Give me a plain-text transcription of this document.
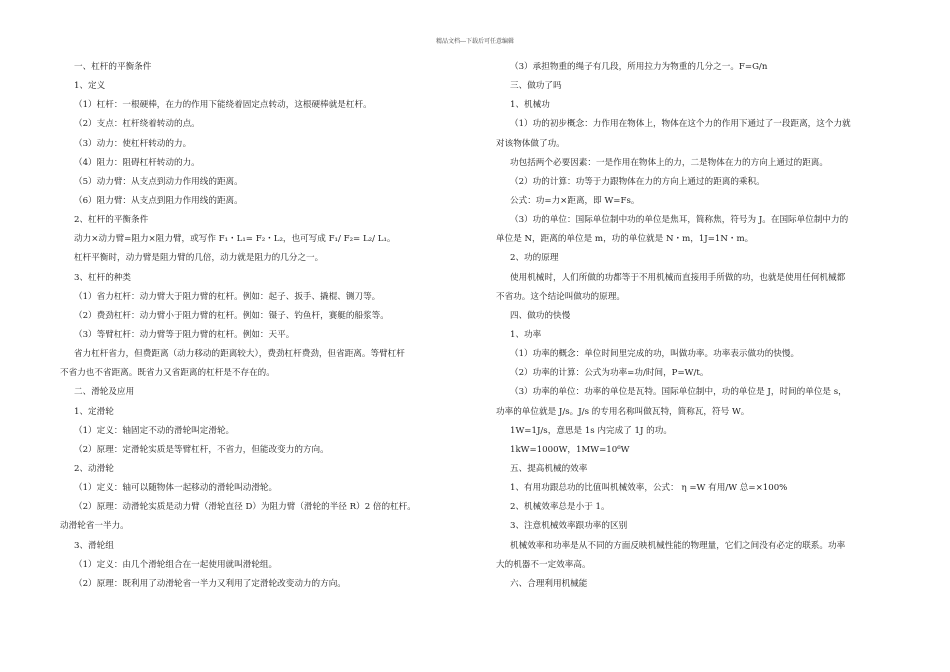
精品文档---下载后可任意编辑
一、杠杆的平衡条件
1、定义
（1）杠杆：一根硬棒，在力的作用下能绕着固定点转动，这根硬棒就是杠杆。
（2）支点：杠杆绕着转动的点。
（3）动力：使杠杆转动的力。
（4）阻力：阻碍杠杆转动的力。
（5）动力臂：从支点到动力作用线的距离。
（6）阻力臂：从支点到阻力作用线的距离。
2、杠杆的平衡条件
动力×动力臂=阻力×阻力臂，或写作 F₁・L₁= F₂・L₂，也可写成 F₁/ F₂= L₂/ L₁。
杠杆平衡时，动力臂是阻力臂的几倍，动力就是阻力的几分之一。
3、杠杆的种类
（1）省力杠杆：动力臂大于阻力臂的杠杆。例如：起子、扳手、撬棍、铡刀等。
（2）费劲杠杆：动力臂小于阻力臂的杠杆。例如：镊子、钓鱼杆，赛艇的船浆等。
（3）等臂杠杆：动力臂等于阻力臂的杠杆。例如：天平。
省力杠杆省力，但费距离（动力移动的距离较大），费劲杠杆费劲，但省距离。等臂杠杆
不省力也不省距离。既省力又省距离的杠杆是不存在的。
二、滑轮及应用
1、定滑轮
（1）定义：轴固定不动的滑轮叫定滑轮。
（2）原理：定滑轮实质是等臂杠杆，不省力，但能改变力的方向。
2、动滑轮
（1）定义：轴可以随物体一起移动的滑轮叫动滑轮。
（2）原理：动滑轮实质是动力臂（滑轮直径 D）为阻力臂（滑轮的半径 R）2 倍的杠杆。
动滑轮省一半力。
3、滑轮组
（1）定义：由几个滑轮组合在一起使用就叫滑轮组。
（2）原理：既利用了动滑轮省一半力又利用了定滑轮改变动力的方向。
（3）承担物重的绳子有几段，所用拉力为物重的几分之一。F=G/n
三、做功了吗
1、机械功
（1）功的初步概念：力作用在物体上，物体在这个力的作用下通过了一段距离，这个力就
对该物体做了功。
功包括两个必要因素：一是作用在物体上的力，二是物体在力的方向上通过的距离。
（2）功的计算：功等于力跟物体在力的方向上通过的距离的乘积。
公式：功=力×距离，即 W=Fs。
（3）功的单位：国际单位制中功的单位是焦耳，简称焦，符号为 J。在国际单位制中力的
单位是 N，距离的单位是 m，功的单位就是 N・m，1J=1N・m。
2、功的原理
使用机械时，人们所做的功都等于不用机械而直接用手所做的功，也就是使用任何机械都
不省功。这个结论叫做功的原理。
四、做功的快慢
1、功率
（1）功率的概念：单位时间里完成的功，叫做功率。功率表示做功的快慢。
（2）功率的计算：公式为功率=功/时间，P=W/t。
（3）功率的单位：功率的单位是瓦特。国际单位制中，功的单位是 J，时间的单位是 s，
功率的单位就是 J/s。J/s 的专用名称叫做瓦特，简称瓦，符号 W。
1W=1J/s，意思是 1s 内完成了 1J 的功。
1kW=1000W，1MW=10⁶W
五、提高机械的效率
1、有用功跟总功的比值叫机械效率，公式： η =W 有用/W 总=×100%
2、机械效率总是小于 1。
3、注意机械效率跟功率的区别
机械效率和功率是从不同的方面反映机械性能的物理量，它们之间没有必定的联系。功率
大的机器不一定效率高。
六、合理利用机械能
